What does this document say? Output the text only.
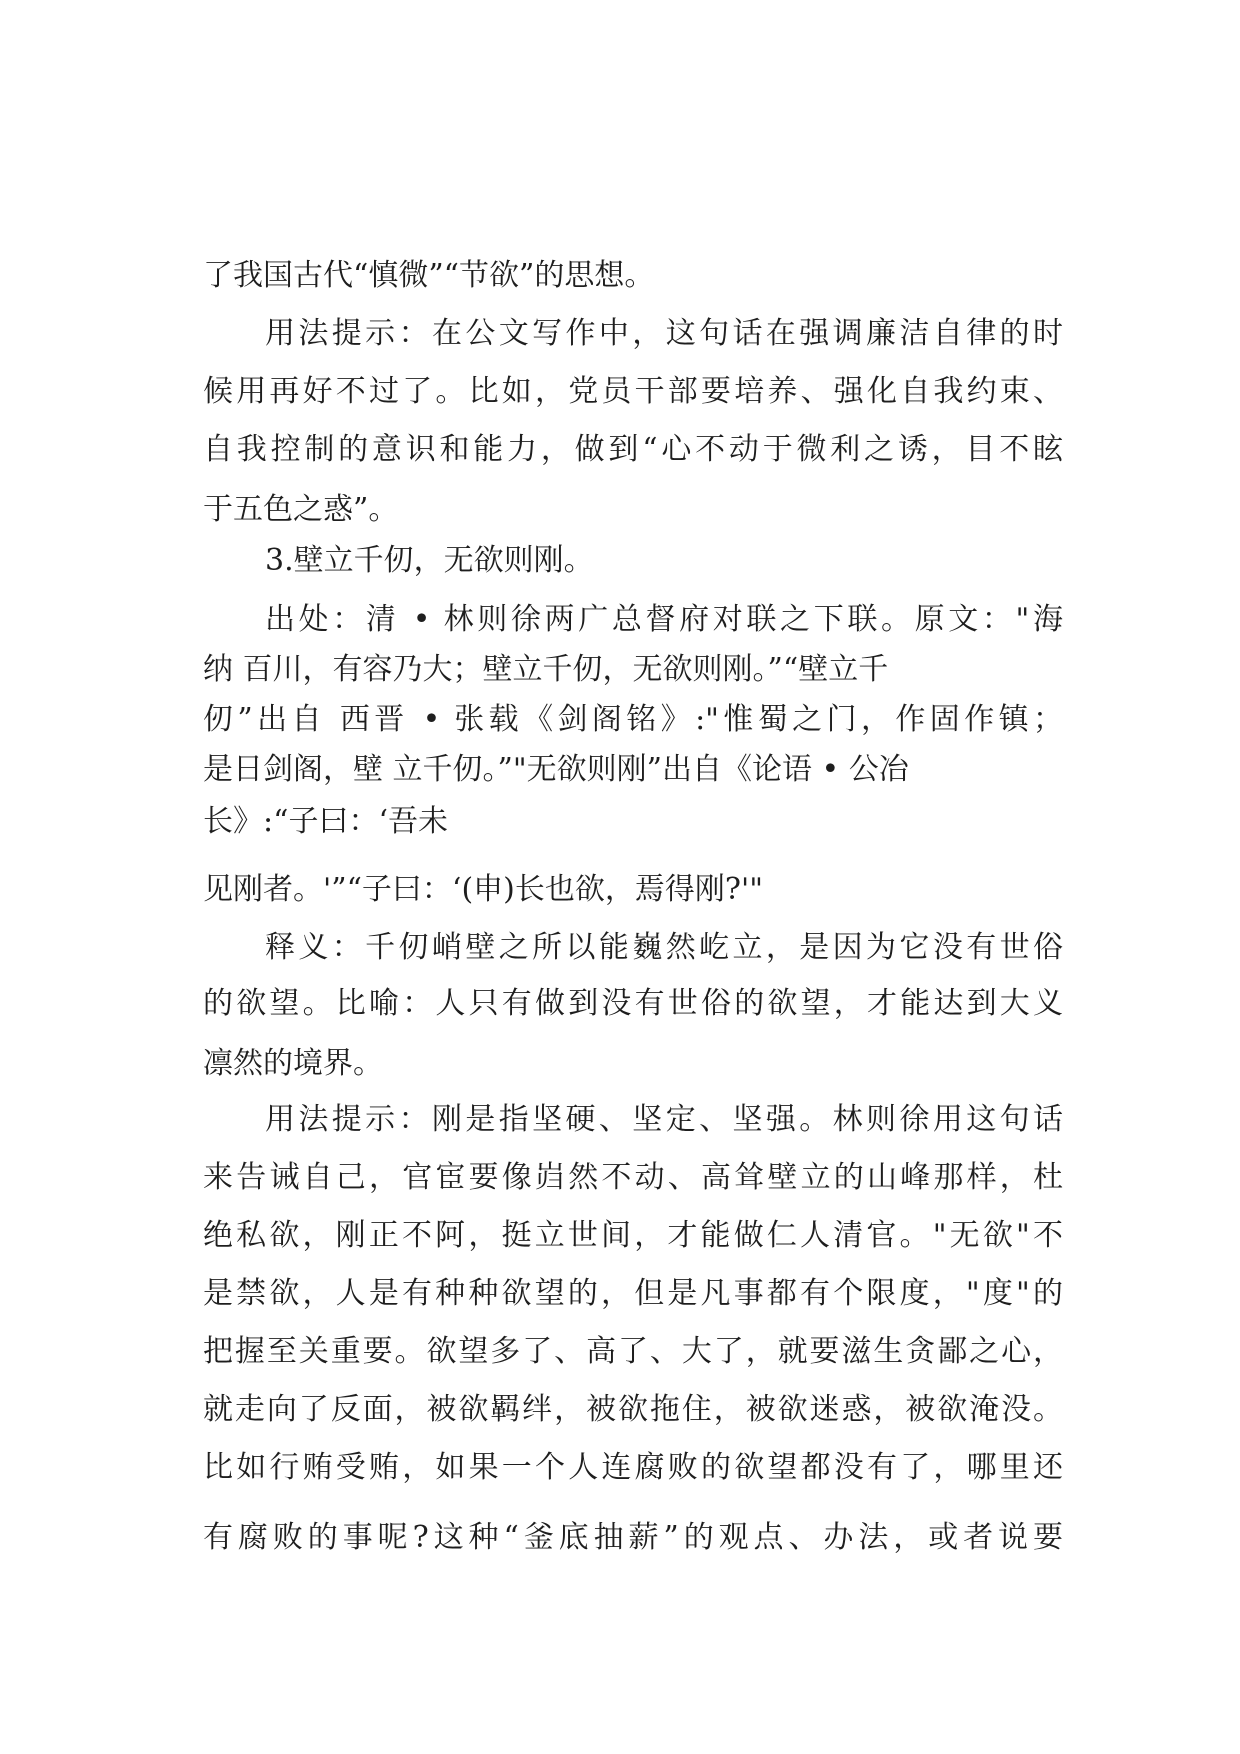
了我国古代“慎微”“节欲”的思想。

用法提示：在公文写作中，这句话在强调廉洁自律的时

候用再好不过了。比如，党员干部要培养、强化自我约束、

自我控制的意识和能力，做到“心不动于微利之诱，目不眩

于五色之惑”。

3.壁立千仞，无欲则刚。

出处：清 • 林则徐两广总督府对联之下联。原文："海

纳 百川，有容乃大；壁立千仞，无欲则刚。”“壁立千

仞”出自 西晋 • 张载《剑阁铭》:"惟蜀之门，作固作镇；

是日剑阁，壁 立千仞。”"无欲则刚”出自《论语 • 公冶

长》:“子曰：‘吾未

见刚者。'”“子曰：‘(申)长也欲，焉得刚?'"

释义：千仞峭壁之所以能巍然屹立，是因为它没有世俗

的欲望。比喻：人只有做到没有世俗的欲望，才能达到大义

凛然的境界。

用法提示：刚是指坚硬、坚定、坚强。林则徐用这句话

来告诫自己，官宦要像岿然不动、高耸壁立的山峰那样，杜

绝私欲，刚正不阿，挺立世间，才能做仁人清官。"无欲"不

是禁欲，人是有种种欲望的，但是凡事都有个限度，"度"的

把握至关重要。欲望多了、高了、大了，就要滋生贪鄙之心，

就走向了反面，被欲羁绊，被欲拖住，被欲迷惑，被欲淹没。

比如行贿受贿，如果一个人连腐败的欲望都没有了，哪里还

有腐败的事呢?这种“釜底抽薪”的观点、办法，或者说要
